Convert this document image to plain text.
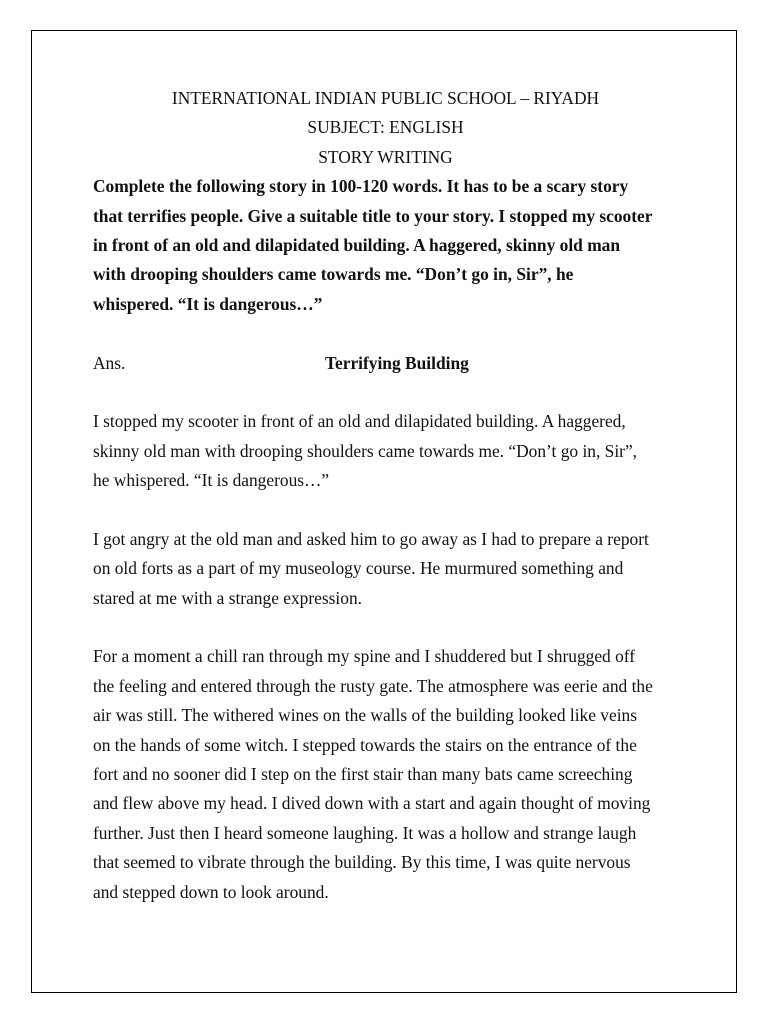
INTERNATIONAL INDIAN PUBLIC SCHOOL – RIYADH
SUBJECT: ENGLISH
STORY WRITING
Complete the following story in 100-120 words. It has to be a scary story
that terrifies people. Give a suitable title to your story. I stopped my scooter
in front of an old and dilapidated building. A haggered, skinny old man
with drooping shoulders came towards me. “Don’t go in, Sir”, he
whispered. “It is dangerous…”
Ans.	Terrifying Building
I stopped my scooter in front of an old and dilapidated building. A haggered,
skinny old man with drooping shoulders came towards me. “Don’t go in, Sir”,
he whispered. “It is dangerous…”
I got angry at the old man and asked him to go away as I had to prepare a report
on old forts as a part of my museology course. He murmured something and
stared at me with a strange expression.
For a moment a chill ran through my spine and I shuddered but I shrugged off
the feeling and entered through the rusty gate. The atmosphere was eerie and the
air was still. The withered wines on the walls of the building looked like veins
on the hands of some witch. I stepped towards the stairs on the entrance of the
fort and no sooner did I step on the first stair than many bats came screeching
and flew above my head. I dived down with a start and again thought of moving
further. Just then I heard someone laughing. It was a hollow and strange laugh
that seemed to vibrate through the building. By this time, I was quite nervous
and stepped down to look around.
